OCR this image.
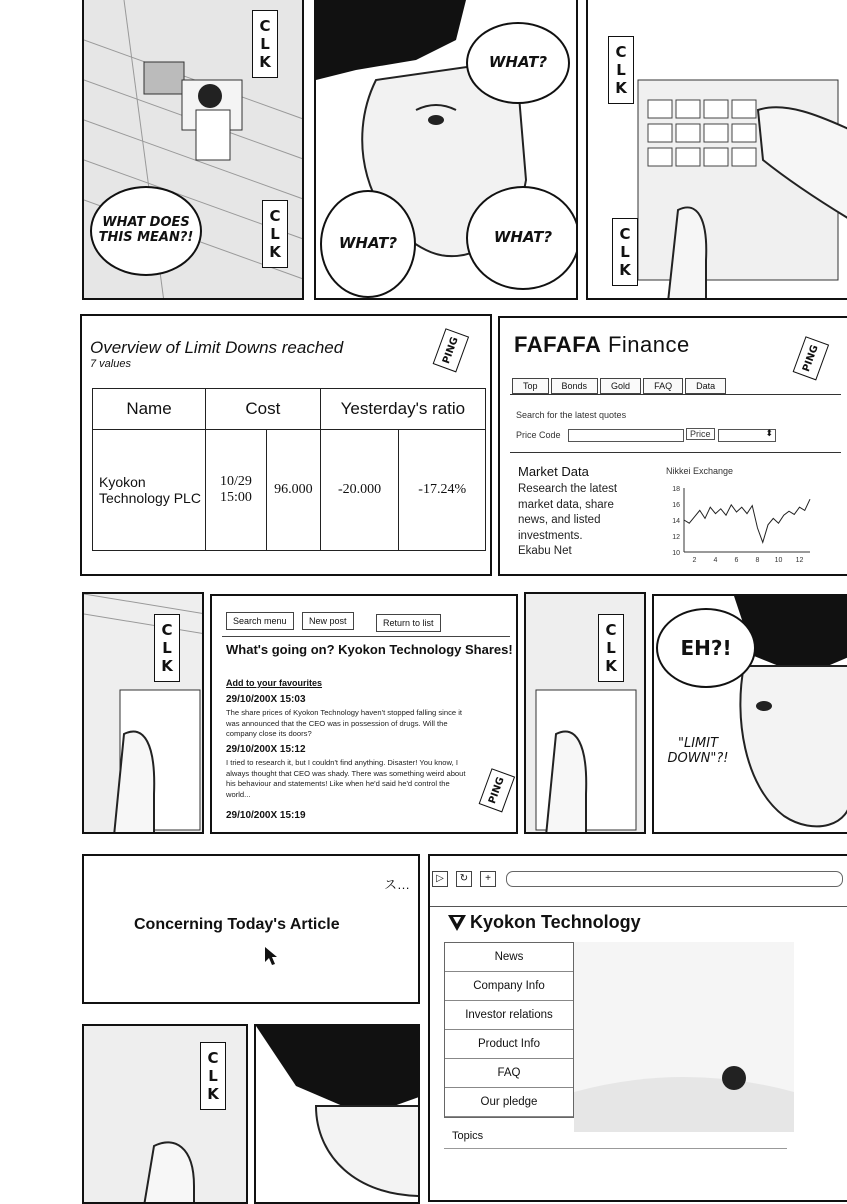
WHAT DOES THIS MEAN?!
CLK
CLK
WHAT?
WHAT?	WHAT?
CLK
CLK
Overview of Limit Downs reached
7 values	PING
Name	Cost		Yesterday's ratio	
Kyokon Technology PLC	10/29
15:00	96.000	-20.000	-17.24%
FAFAFA Finance	PING
Top	Bonds	Gold	FAQ	Data
Search for the latest quotes
Price Code	Price	⬍
Market Data
Research the latest market data, share news, and listed investments.
Ekabu Net
Nikkei Exchange
10
12
14
16
18
2 4 6 8 10 12
CLK	Search menu	New post	Return to list
What's going on? Kyokon Technology Shares!
Add to your favourites
29/10/200X 15:03
The share prices of Kyokon Technology haven't stopped falling since it was announced that the CEO was in possession of drugs. Will the company close its doors?
29/10/200X 15:12
I tried to research it, but I couldn't find anything. Disaster! You know, I always thought that CEO was shady. There was something weird about his behaviour and statements! Like when he'd said he'd control the world...
29/10/200X 15:19
PING
CLK	EH?!
"LIMIT DOWN"?!
Concerning Today's Article
ス…	▷	↻	+
Kyokon Technology
News
Company Info
Investor relations
Product Info
FAQ
Our pledge
Topics
CLK
